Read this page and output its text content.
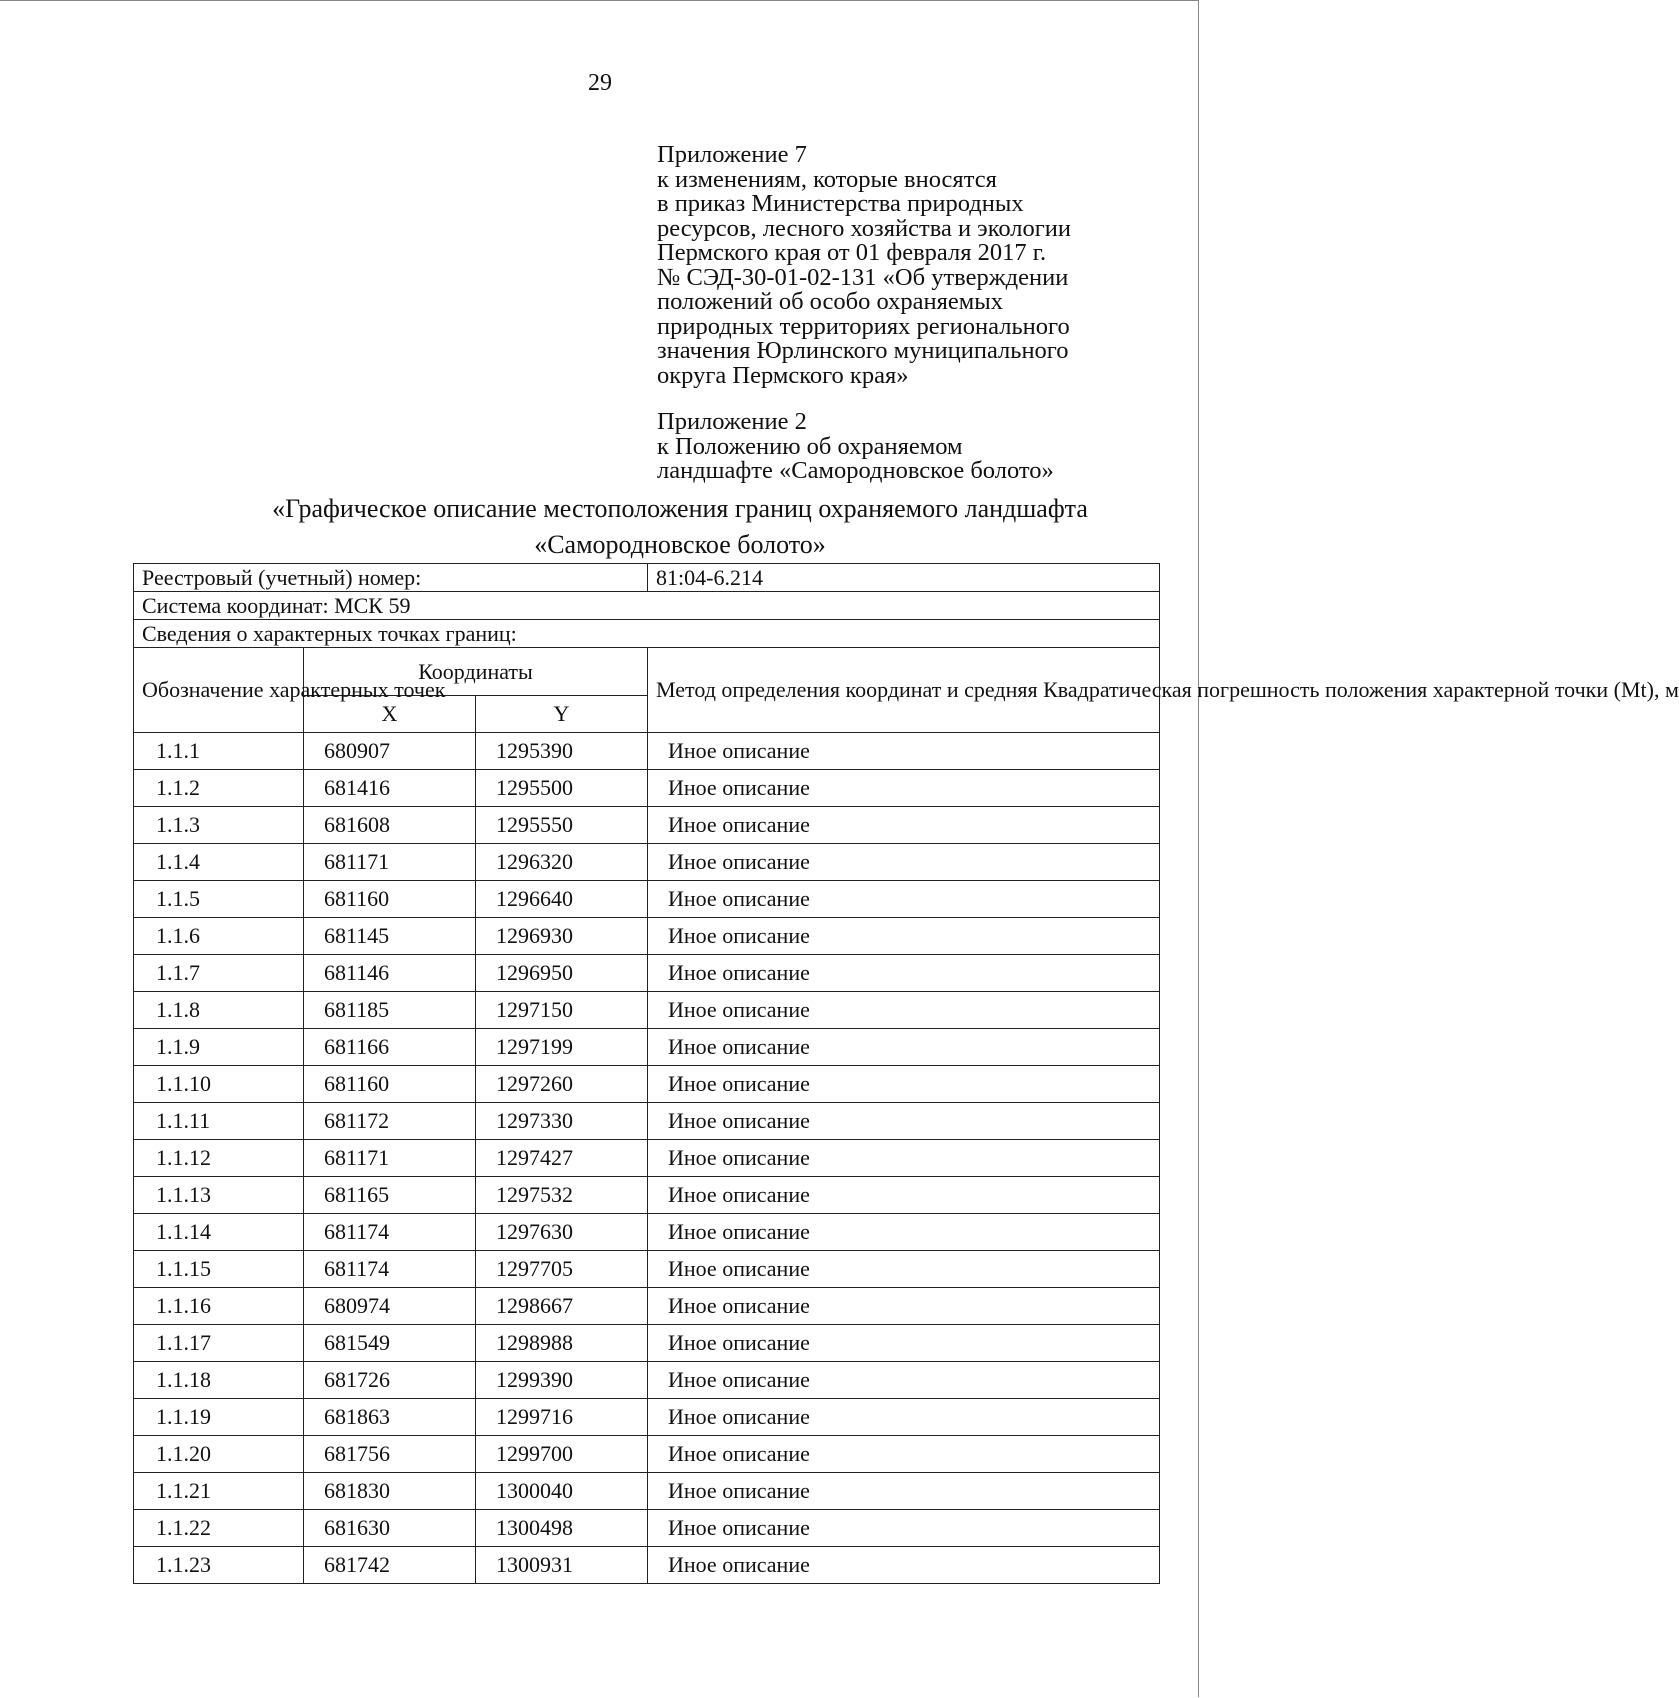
29
Приложение 7
к изменениям, которые вносятся
в приказ Министерства природных
ресурсов, лесного хозяйства и экологии
Пермского края от 01 февраля 2017 г.
№ СЭД-30-01-02-131 «Об утверждении
положений об особо охраняемых
природных территориях регионального
значения Юрлинского муниципального
округа Пермского края»
Приложение 2
к Положению об охраняемом
ландшафте «Самородновское болото»
«Графическое описание местоположения границ охраняемого ландшафта
«Самородновское болото»
Реестровый (учетный) номер:			81:04-6.214
Система координат: МСК 59			
Сведения о характерных точках границ:			
Обозначение характерных точек	Координаты		Метод определения координат и средняя Квадратическая погрешность положения характерной точки (Mt), м
	X	Y	
1.1.1	680907	1295390	Иное описание
1.1.2	681416	1295500	Иное описание
1.1.3	681608	1295550	Иное описание
1.1.4	681171	1296320	Иное описание
1.1.5	681160	1296640	Иное описание
1.1.6	681145	1296930	Иное описание
1.1.7	681146	1296950	Иное описание
1.1.8	681185	1297150	Иное описание
1.1.9	681166	1297199	Иное описание
1.1.10	681160	1297260	Иное описание
1.1.11	681172	1297330	Иное описание
1.1.12	681171	1297427	Иное описание
1.1.13	681165	1297532	Иное описание
1.1.14	681174	1297630	Иное описание
1.1.15	681174	1297705	Иное описание
1.1.16	680974	1298667	Иное описание
1.1.17	681549	1298988	Иное описание
1.1.18	681726	1299390	Иное описание
1.1.19	681863	1299716	Иное описание
1.1.20	681756	1299700	Иное описание
1.1.21	681830	1300040	Иное описание
1.1.22	681630	1300498	Иное описание
1.1.23	681742	1300931	Иное описание
